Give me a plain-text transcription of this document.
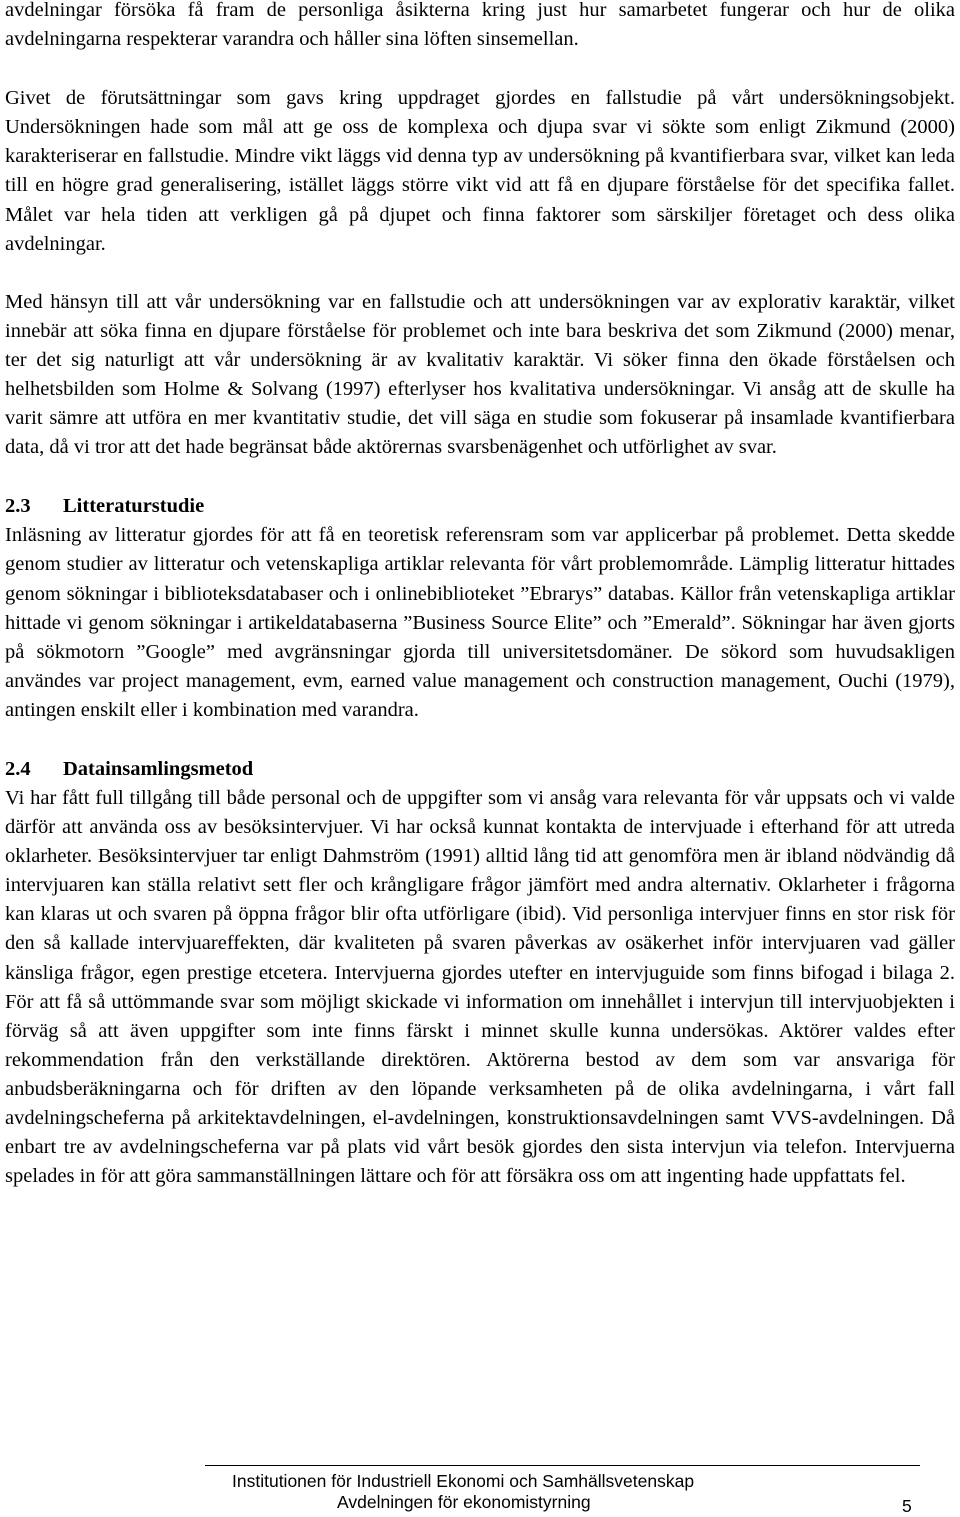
avdelningar försöka få fram de personliga åsikterna kring just hur samarbetet fungerar och hur de olika avdelningarna respekterar varandra och håller sina löften sinsemellan.

Givet de förutsättningar som gavs kring uppdraget gjordes en fallstudie på vårt undersökningsobjekt. Undersökningen hade som mål att ge oss de komplexa och djupa svar vi sökte som enligt Zikmund (2000) karakteriserar en fallstudie. Mindre vikt läggs vid denna typ av undersökning på kvantifierbara svar, vilket kan leda till en högre grad generalisering, istället läggs större vikt vid att få en djupare förståelse för det specifika fallet. Målet var hela tiden att verkligen gå på djupet och finna faktorer som särskiljer företaget och dess olika avdelningar.

Med hänsyn till att vår undersökning var en fallstudie och att undersökningen var av explorativ karaktär, vilket innebär att söka finna en djupare förståelse för problemet och inte bara beskriva det som Zikmund (2000) menar, ter det sig naturligt att vår undersökning är av kvalitativ karaktär. Vi söker finna den ökade förståelsen och helhetsbilden som Holme & Solvang (1997) efterlyser hos kvalitativa undersökningar. Vi ansåg att de skulle ha varit sämre att utföra en mer kvantitativ studie, det vill säga en studie som fokuserar på insamlade kvantifierbara data, då vi tror att det hade begränsat både aktörernas svarsbenägenhet och utförlighet av svar.

2.3	Litteraturstudie

Inläsning av litteratur gjordes för att få en teoretisk referensram som var applicerbar på problemet. Detta skedde genom studier av litteratur och vetenskapliga artiklar relevanta för vårt problemområde. Lämplig litteratur hittades genom sökningar i biblioteksdatabaser och i onlinebiblioteket ”Ebrarys” databas. Källor från vetenskapliga artiklar hittade vi genom sökningar i artikeldatabaserna ”Business Source Elite” och ”Emerald”. Sökningar har även gjorts på sökmotorn ”Google” med avgränsningar gjorda till universitetsdomäner. De sökord som huvudsakligen användes var project management, evm, earned value management och construction management, Ouchi (1979), antingen enskilt eller i kombination med varandra.

2.4	Datainsamlingsmetod

Vi har fått full tillgång till både personal och de uppgifter som vi ansåg vara relevanta för vår uppsats och vi valde därför att använda oss av besöksintervjuer. Vi har också kunnat kontakta de intervjuade i efterhand för att utreda oklarheter. Besöksintervjuer tar enligt Dahmström (1991) alltid lång tid att genomföra men är ibland nödvändig då intervjuaren kan ställa relativt sett fler och krångligare frågor jämfört med andra alternativ. Oklarheter i frågorna kan klaras ut och svaren på öppna frågor blir ofta utförligare (ibid). Vid personliga intervjuer finns en stor risk för den så kallade intervjuareffekten, där kvaliteten på svaren påverkas av osäkerhet inför intervjuaren vad gäller känsliga frågor, egen prestige etcetera. Intervjuerna gjordes utefter en intervjuguide som finns bifogad i bilaga 2. För att få så uttömmande svar som möjligt skickade vi information om innehållet i intervjun till intervjuobjekten i förväg så att även uppgifter som inte finns färskt i minnet skulle kunna undersökas. Aktörer valdes efter rekommendation från den verkställande direktören. Aktörerna bestod av dem som var ansvariga för anbudsberäkningarna och för driften av den löpande verksamheten på de olika avdelningarna, i vårt fall avdelningscheferna på arkitektavdelningen, el-avdelningen, konstruktionsavdelningen samt VVS-avdelningen. Då enbart tre av avdelningscheferna var på plats vid vårt besök gjordes den sista intervjun via telefon. Intervjuerna spelades in för att göra sammanställningen lättare och för att försäkra oss om att ingenting hade uppfattats fel.

Institutionen för Industriell Ekonomi och Samhällsvetenskap
Avdelningen för ekonomistyrning	5
